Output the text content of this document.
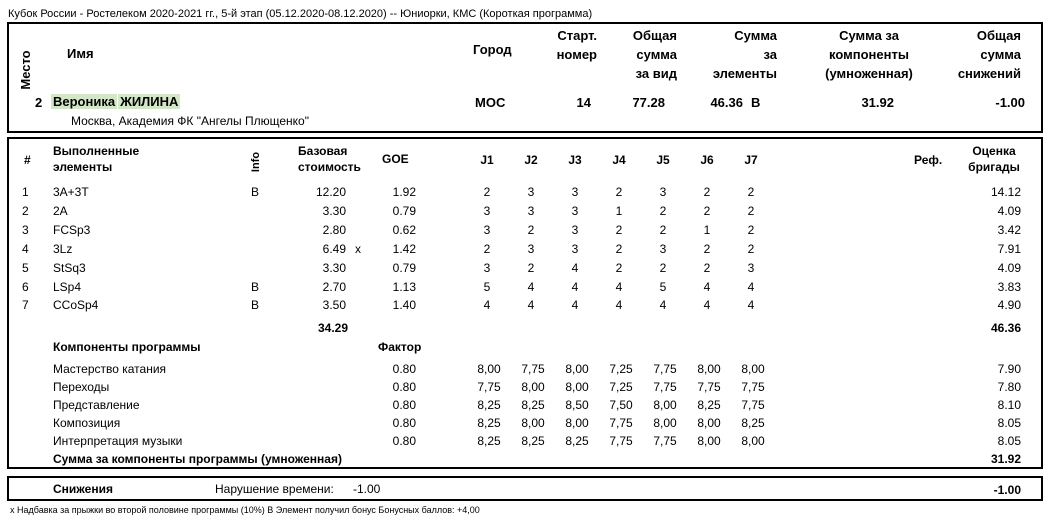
Кубок России - Ростелеком 2020-2021 гг., 5-й этап (05.12.2020-08.12.2020) -- Юниорки, КМС (Короткая программа)
Место	Имя	Город
Старт.
номер
Общая
сумма
за вид
Сумма
за
элементы
Сумма за
компоненты
(умноженная)
Общая
сумма
снижений
2 Вероника ЖИЛИНА	МОС	14	77.28	46.36 B	31.92	-1.00
Москва, Академия ФК "Ангелы Плющенко"
#
Выполненные
элементы	Info
Базовая
стоимость
GOE	J1	J2	J3	J4	J5	J6	J7	Реф.
Оценка
бригады
1	3A+3T	B	12.20	1.92	2	3	3	2	3	2	2	14.12
2	2A	3.30	0.79	3	3	3	1	2	2	2	4.09
3	FCSp3	2.80	0.62	3	2	3	2	2	1	2	3.42
4	3Lz	6.49 x	1.42	2	3	3	2	3	2	2	7.91
5	StSq3	3.30	0.79	3	2	4	2	2	2	3	4.09
6	LSp4	B	2.70	1.13	5	4	4	4	5	4	4	3.83
7	CCoSp4	B	3.50	1.40	4	4	4	4	4	4	4	4.90
34.29	46.36
Компоненты программы	Фактор
Мастерство катания	0.80	8,00	7,75	8,00	7,25	7,75	8,00	8,00	7.90
Переходы	0.80	7,75	8,00	8,00	7,25	7,75	7,75	7,75	7.80
Представление	0.80	8,25	8,25	8,50	7,50	8,00	8,25	7,75	8.10
Композиция	0.80	8,25	8,00	8,00	7,75	8,00	8,00	8,25	8.05
Интерпретация музыки	0.80	8,25	8,25	8,25	7,75	7,75	8,00	8,00	8.05
Сумма за компоненты программы (умноженная)	31.92
Снижения	Нарушение времени: -1.00	-1.00
x Надбавка за прыжки во второй половине программы (10%) B Элемент получил бонус Бонусных баллов: +4,00
